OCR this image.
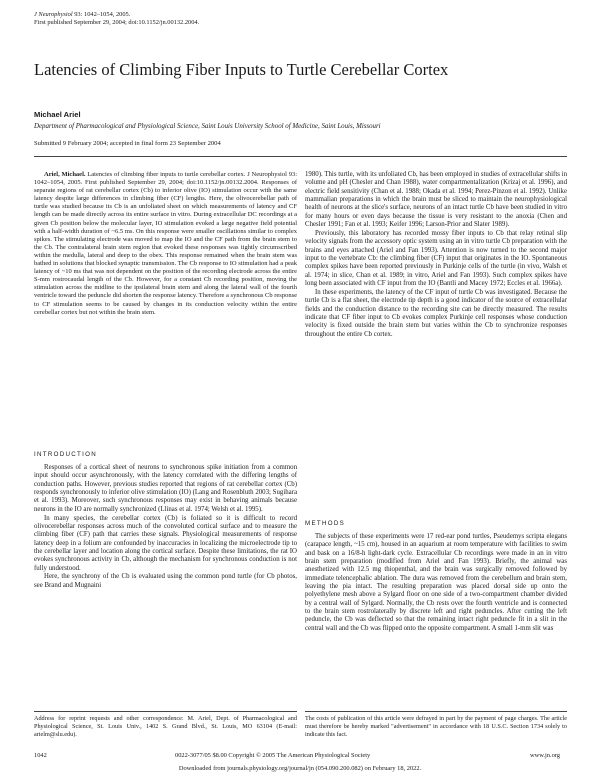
J Neurophysiol 93: 1042–1054, 2005.
First published September 29, 2004; doi:10.1152/jn.00132.2004.
Latencies of Climbing Fiber Inputs to Turtle Cerebellar Cortex
Michael Ariel
Department of Pharmacological and Physiological Science, Saint Louis University School of Medicine, Saint Louis, Missouri
Submitted 9 February 2004; accepted in final form 23 September 2004

Ariel, Michael. Latencies of climbing fiber inputs to turtle cerebellar cortex. J Neurophysiol 93: 1042–1054, 2005. First published September 29, 2004; doi:10.1152/jn.00132.2004. Responses of separate regions of rat cerebellar cortex (Cb) to inferior olive (IO) stimulation occur with the same latency despite large differences in climbing fiber (CF) lengths. Here, the olivocerebellar path of turtle was studied because its Cb is an unfoliated sheet on which measurements of latency and CF length can be made directly across its entire surface in vitro. During extracellular DC recordings at a given Cb position below the molecular layer, IO stimulation evoked a large negative field potential with a half-width duration of ~6.5 ms. On this response were smaller oscillations similar to complex spikes. The stimulating electrode was moved to map the IO and the CF path from the brain stem to the Cb. The contralateral brain stem region that evoked these responses was tightly circumscribed within the medulla, lateral and deep to the obex. This response remained when the brain stem was bathed in solutions that blocked synaptic transmission. The Cb response to IO stimulation had a peak latency of ~10 ms that was not dependent on the position of the recording electrode across the entire S-mm rostrocaudal length of the Cb. However, for a constant Cb recording position, moving the stimulation across the midline to the ipsilateral brain stem and along the lateral wall of the fourth ventricle toward the peduncle did shorten the response latency. Therefore a synchronous Cb response to CF stimulation seems to be caused by changes in its conduction velocity within the entire cerebellar cortex but not within the brain stem.

INTRODUCTION

Responses of a cortical sheet of neurons to synchronous spike initiation from a common input should occur asynchronously, with the latency correlated with the differing lengths of conduction paths. However, previous studies reported that regions of rat cerebellar cortex (Cb) responds synchronously to inferior olive stimulation (IO) (Lang and Rosenbluth 2003; Sugihara et al. 1993). Moreover, such synchronous responses may exist in behaving animals because neurons in the IO are normally synchronized (Llinas et al. 1974; Welsh et al. 1995).

In many species, the cerebellar cortex (Cb) is foliated so it is difficult to record olivocerebellar responses across much of the convoluted cortical surface and to measure the climbing fiber (CF) path that carries these signals. Physiological measurements of response latency deep in a folium are confounded by inaccuracies in localizing the microelectrode tip to the cerebellar layer and location along the cortical surface. Despite these limitations, the rat IO evokes synchronous activity in Cb, although the mechanism for synchronous conduction is not fully understood.

Here, the synchrony of the Cb is evaluated using the common pond turtle (for Cb photos, see Brand and Mugnaini

1980). This turtle, with its unfoliated Cb, has been employed in studies of extracellular shifts in volume and pH (Chesler and Chan 1988), water compartmentalization (Krizaj et al. 1996), and electric field sensitivity (Chan et al. 1988; Okada et al. 1994; Perez-Pinzon et al. 1992). Unlike mammalian preparations in which the brain must be sliced to maintain the neurophysiological health of neurons at the slice's surface, neurons of an intact turtle Cb have been studied in vitro for many hours or even days because the tissue is very resistant to the anoxia (Chen and Chesler 1991; Fan et al. 1993; Keifer 1996; Larson-Prior and Slater 1989).

Previously, this laboratory has recorded mossy fiber inputs to Cb that relay retinal slip velocity signals from the accessory optic system using an in vitro turtle Cb preparation with the brains and eyes attached (Ariel and Fan 1993). Attention is now turned to the second major input to the vertebrate Cb: the climbing fiber (CF) input that originates in the IO. Spontaneous complex spikes have been reported previously in Purkinje cells of the turtle (in vivo, Walsh et al. 1974; in slice, Chan et al. 1989; in vitro, Ariel and Fan 1993). Such complex spikes have long been associated with CF input from the IO (Bantli and Macey 1972; Eccles et al. 1966a).

In these experiments, the latency of the CF input of turtle Cb was investigated. Because the turtle Cb is a flat sheet, the electrode tip depth is a good indicator of the source of extracellular fields and the conduction distance to the recording site can be directly measured. The results indicate that CF fiber input to Cb evokes complex Purkinje cell responses whose conduction velocity is fixed outside the brain stem but varies within the Cb to synchronize responses throughout the entire Cb cortex.

METHODS

The subjects of these experiments were 17 red-ear pond turtles, Pseudemys scripta elegans (carapace length, ~15 cm), housed in an aquarium at room temperature with facilities to swim and bask on a 16/8-h light-dark cycle. Extracellular Cb recordings were made in an in vitro brain stem preparation (modified from Ariel and Fan 1993). Briefly, the animal was anesthetized with 12.5 mg thiopenthal, and the brain was surgically removed followed by immediate telencephalic ablation. The dura was removed from the cerebellum and brain stem, leaving the pia intact. The resulting preparation was placed dorsal side up onto the polyethylene mesh above a Sylgard floor on one side of a two-compartment chamber divided by a central wall of Sylgard. Normally, the Cb rests over the fourth ventricle and is connected to the brain stem rostrolaterally by discrete left and right peduncles. After cutting the left peduncle, the Cb was deflected so that the remaining intact right peduncle fit in a slit in the central wall and the Cb was flipped onto the opposite compartment. A small 1-mm slit was

Address for reprint requests and other correspondence: M. Ariel, Dept. of Pharmacological and Physiological Science, St. Louis Univ., 1402 S. Grand Blvd., St. Louis, MO 63104 (E-mail: arielm@slu.edu).
The costs of publication of this article were defrayed in part by the payment of page charges. The article must therefore be hereby marked "advertisement" in accordance with 18 U.S.C. Section 1734 solely to indicate this fact.
1042	0022-3077/05 $8.00 Copyright © 2005 The American Physiological Society	www.jn.org
Downloaded from journals.physiology.org/journal/jn (054.090.200.082) on February 18, 2022.
